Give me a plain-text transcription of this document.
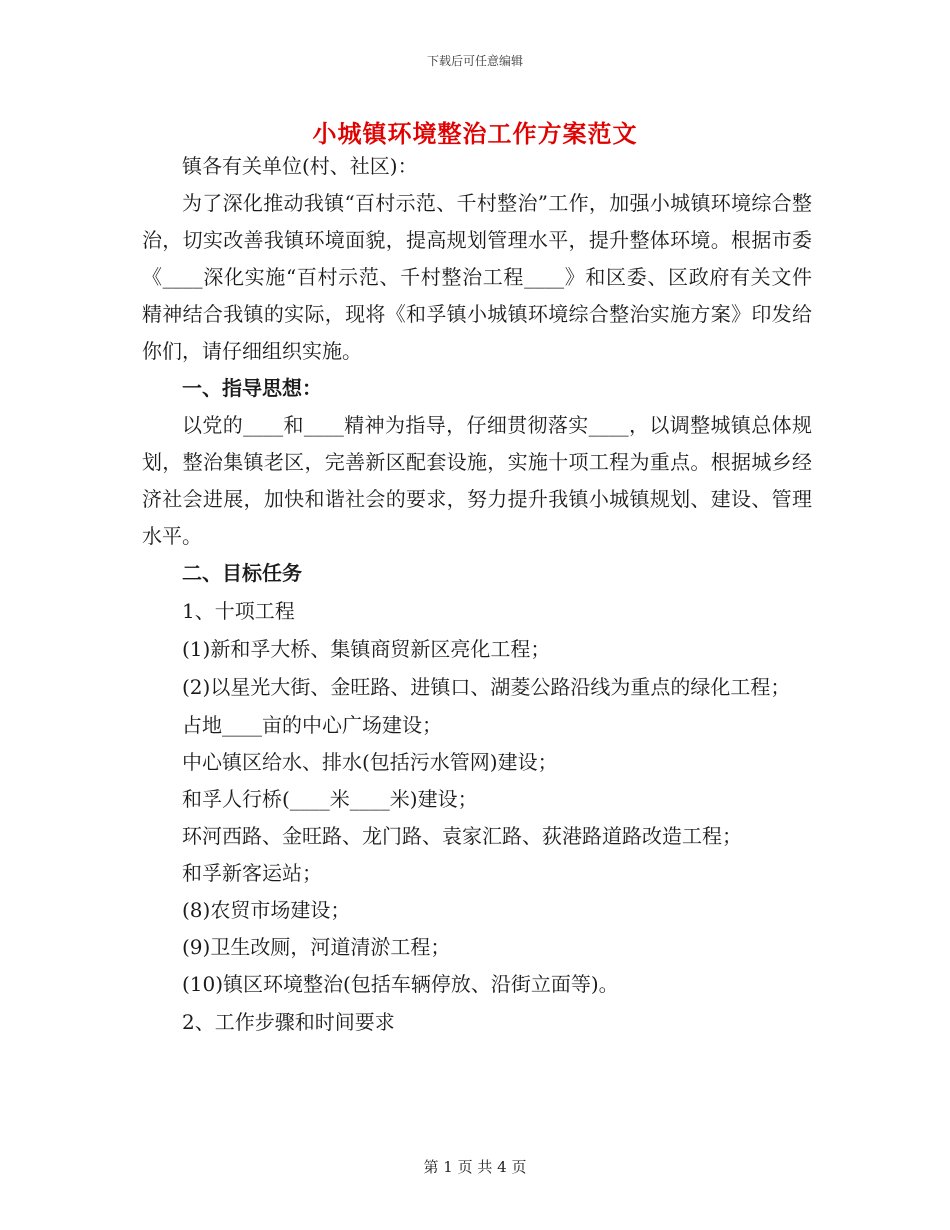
下载后可任意编辑
小城镇环境整治工作方案范文

镇各有关单位(村、社区)：

为了深化推动我镇“百村示范、千村整治”工作，加强小城镇环境综合整治，切实改善我镇环境面貌，提高规划管理水平，提升整体环境。根据市委《____深化实施“百村示范、千村整治工程____》和区委、区政府有关文件精神结合我镇的实际，现将《和孚镇小城镇环境综合整治实施方案》印发给你们，请仔细组织实施。

一、指导思想：

以党的____和____精神为指导，仔细贯彻落实____，以调整城镇总体规划，整治集镇老区，完善新区配套设施，实施十项工程为重点。根据城乡经济社会进展，加快和谐社会的要求，努力提升我镇小城镇规划、建设、管理水平。

二、目标任务

1、十项工程

(1)新和孚大桥、集镇商贸新区亮化工程；

(2)以星光大街、金旺路、进镇口、湖菱公路沿线为重点的绿化工程；

占地____亩的中心广场建设；

中心镇区给水、排水(包括污水管网)建设；

和孚人行桥(____米____米)建设；

环河西路、金旺路、龙门路、袁家汇路、荻港路道路改造工程；

和孚新客运站；

(8)农贸市场建设；

(9)卫生改厕，河道清淤工程；

(10)镇区环境整治(包括车辆停放、沿街立面等)。

2、工作步骤和时间要求

第 1 页 共 4 页
